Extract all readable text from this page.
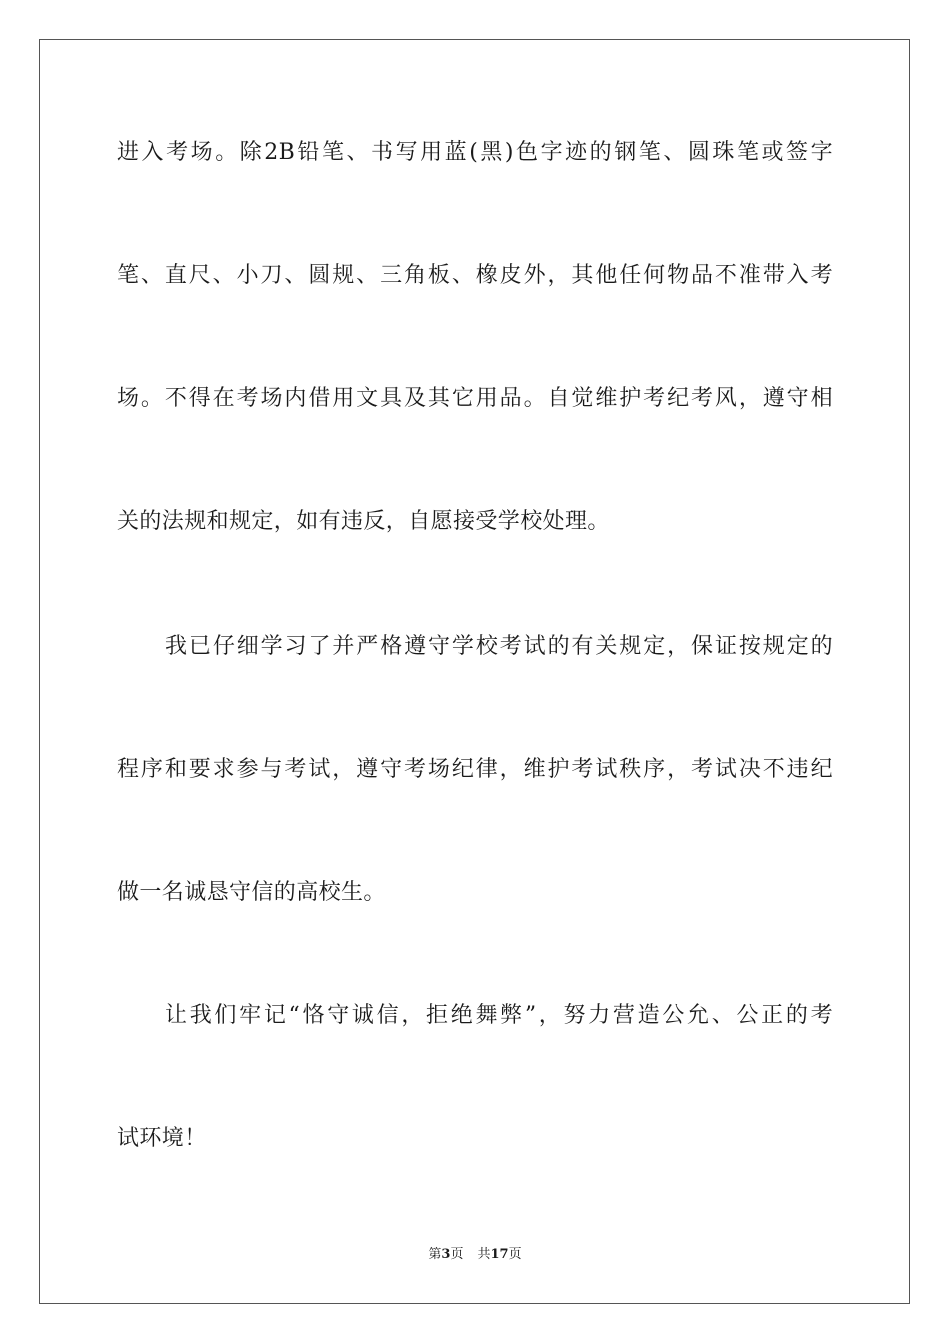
进入考场。除2B铅笔、书写用蓝(黑)色字迹的钢笔、圆珠笔或签字
笔、直尺、小刀、圆规、三角板、橡皮外，其他任何物品不准带入考
场。不得在考场内借用文具及其它用品。自觉维护考纪考风，遵守相
关的法规和规定，如有违反，自愿接受学校处理。
我已仔细学习了并严格遵守学校考试的有关规定，保证按规定的
程序和要求参与考试，遵守考场纪律，维护考试秩序，考试决不违纪
做一名诚恳守信的高校生。
让我们牢记“恪守诚信，拒绝舞弊”，努力营造公允、公正的考
试环境！
第3页 共17页
